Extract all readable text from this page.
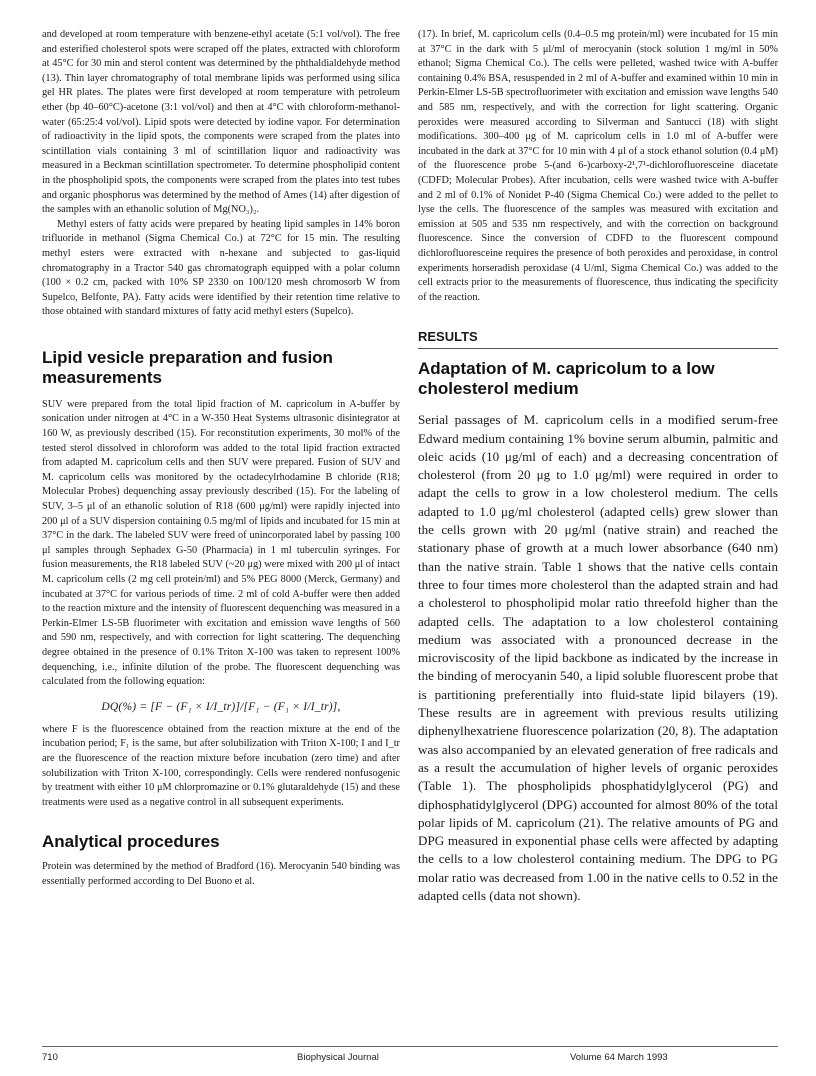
and developed at room temperature with benzene-ethyl acetate (5:1 vol/vol). The free and esterified cholesterol spots were scraped off the plates, extracted with chloroform at 45°C for 30 min and sterol content was determined by the phthaldialdehyde method (13). Thin layer chromatography of total membrane lipids was performed using silica gel HR plates. The plates were first developed at room temperature with petroleum ether (bp 40–60°C)-acetone (3:1 vol/vol) and then at 4°C with chloroform-methanol-water (65:25:4 vol/vol). Lipid spots were detected by iodine vapor. For determination of radioactivity in the lipid spots, the components were scraped from the plates into scintillation vials containing 3 ml of scintillation liquor and radioactivity was measured in a Beckman scintillation spectrometer. To determine phospholipid content in the phospholipid spots, the components were scraped from the plates into test tubes and organic phosphorus was determined by the method of Ames (14) after digestion of the samples with an ethanolic solution of Mg(NO₃)₂.

Methyl esters of fatty acids were prepared by heating lipid samples in 14% boron trifluoride in methanol (Sigma Chemical Co.) at 72°C for 15 min. The resulting methyl esters were extracted with n-hexane and subjected to gas-liquid chromatography in a Tractor 540 gas chromatograph equipped with a polar column (100 × 0.2 cm, packed with 10% SP 2330 on 100/120 mesh chromosorb W from Supelco, Belfonte, PA). Fatty acids were identified by their retention time relative to those obtained with standard mixtures of fatty acid methyl esters (Supelco).

Lipid vesicle preparation and fusion measurements

SUV were prepared from the total lipid fraction of M. capricolum in A-buffer by sonication under nitrogen at 4°C in a W-350 Heat Systems ultrasonic disintegrator at 160 W, as previously described (15). For reconstitution experiments, 30 mol% of the tested sterol dissolved in chloroform was added to the total lipid fraction extracted from adapted M. capricolum cells and then SUV were prepared. Fusion of SUV and M. capricolum cells was monitored by the octadecylrhodamine B chloride (R18; Molecular Probes) dequenching assay previously described (15). For the labeling of SUV, 3–5 μl of an ethanolic solution of R18 (600 μg/ml) were rapidly injected into 200 μl of a SUV dispersion containing 0.5 mg/ml of lipids and incubated for 15 min at 37°C in the dark. The labeled SUV were freed of unincorporated label by passing 100 μl samples through Sephadex G-50 (Pharmacia) in 1 ml tuberculin syringes. For fusion measurements, the R18 labeled SUV (~20 μg) were mixed with 200 μl of intact M. capricolum cells (2 mg cell protein/ml) and 5% PEG 8000 (Merck, Germany) and incubated at 37°C for various periods of time. 2 ml of cold A-buffer were then added to the reaction mixture and the intensity of fluorescent dequenching was measured in a Perkin-Elmer LS-5B fluorimeter with excitation and emission wave lengths of 560 and 590 nm, respectively, and with correction for light scattering. The dequenching degree obtained in the presence of 0.1% Triton X-100 was taken to represent 100% dequenching, i.e., infinite dilution of the probe. The fluorescent dequenching was calculated from the following equation:

DQ(%) = [F − (F₁ × I/I_tr)]/[F₁ − (F₁ × I/I_tr)],

where F is the fluorescence obtained from the reaction mixture at the end of the incubation period; F₁ is the same, but after solubilization with Triton X-100; I and I_tr are the fluorescence of the reaction mixture before incubation (zero time) and after solubilization with Triton X-100, correspondingly. Cells were rendered nonfusogenic by treatment with either 10 μM chlorpromazine or 0.1% glutaraldehyde (15) and these treatments were used as a negative control in all subsequent experiments.

Analytical procedures

Protein was determined by the method of Bradford (16). Merocyanin 540 binding was essentially performed according to Del Buono et al.

(17). In brief, M. capricolum cells (0.4–0.5 mg protein/ml) were incubated for 15 min at 37°C in the dark with 5 μl/ml of merocyanin (stock solution 1 mg/ml in 50% ethanol; Sigma Chemical Co.). The cells were pelleted, washed twice with A-buffer containing 0.4% BSA, resuspended in 2 ml of A-buffer and examined within 10 min in Perkin-Elmer LS-5B spectrofluorimeter with excitation and emission wave lengths 540 and 585 nm, respectively, and with the correction for light scattering. Organic peroxides were measured according to Silverman and Santucci (18) with slight modifications. 300–400 μg of M. capricolum cells in 1.0 ml of A-buffer were incubated in the dark at 37°C for 10 min with 4 μl of a stock ethanol solution (0.4 μM) of the fluorescence probe 5-(and 6-)carboxy-2¹,7¹-dichlorofluoresceine diacetate (CDFD; Molecular Probes). After incubation, cells were washed twice with A-buffer and 2 ml of 0.1% of Nonidet P-40 (Sigma Chemical Co.) were added to the pellet to lyse the cells. The fluorescence of the samples was measured with excitation and emission at 505 and 535 nm respectively, and with the correction on background fluorescence. Since the conversion of CDFD to the fluorescent compound dichlorofluoresceine requires the presence of both peroxides and peroxidase, in control experiments horseradish peroxidase (4 U/ml, Sigma Chemical Co.) was added to the cell extracts prior to the measurements of fluorescence, thus indicating the specificity of the reaction.

RESULTS
Adaptation of M. capricolum to a low cholesterol medium

Serial passages of M. capricolum cells in a modified serum-free Edward medium containing 1% bovine serum albumin, palmitic and oleic acids (10 μg/ml of each) and a decreasing concentration of cholesterol (from 20 μg to 1.0 μg/ml) were required in order to adapt the cells to grow in a low cholesterol medium. The cells adapted to 1.0 μg/ml cholesterol (adapted cells) grew slower than the cells grown with 20 μg/ml (native strain) and reached the stationary phase of growth at a much lower absorbance (640 nm) than the native strain. Table 1 shows that the native cells contain three to four times more cholesterol than the adapted strain and had a cholesterol to phospholipid molar ratio threefold higher than the adapted cells. The adaptation to a low cholesterol containing medium was associated with a pronounced decrease in the microviscosity of the lipid backbone as indicated by the increase in the binding of merocyanin 540, a lipid soluble fluorescent probe that is partitioning preferentially into fluid-state lipid bilayers (19). These results are in agreement with previous results utilizing diphenylhexatriene fluorescence polarization (20, 8). The adaptation was also accompanied by an elevated generation of free radicals and as a result the accumulation of higher levels of organic peroxides (Table 1). The phospholipids phosphatidylglycerol (PG) and diphosphatidylglycerol (DPG) accounted for almost 80% of the total polar lipids of M. capricolum (21). The relative amounts of PG and DPG measured in exponential phase cells were affected by adapting the cells to a low cholesterol containing medium. The DPG to PG molar ratio was decreased from 1.00 in the native cells to 0.52 in the adapted cells (data not shown).

710	Biophysical Journal	Volume 64 March 1993
